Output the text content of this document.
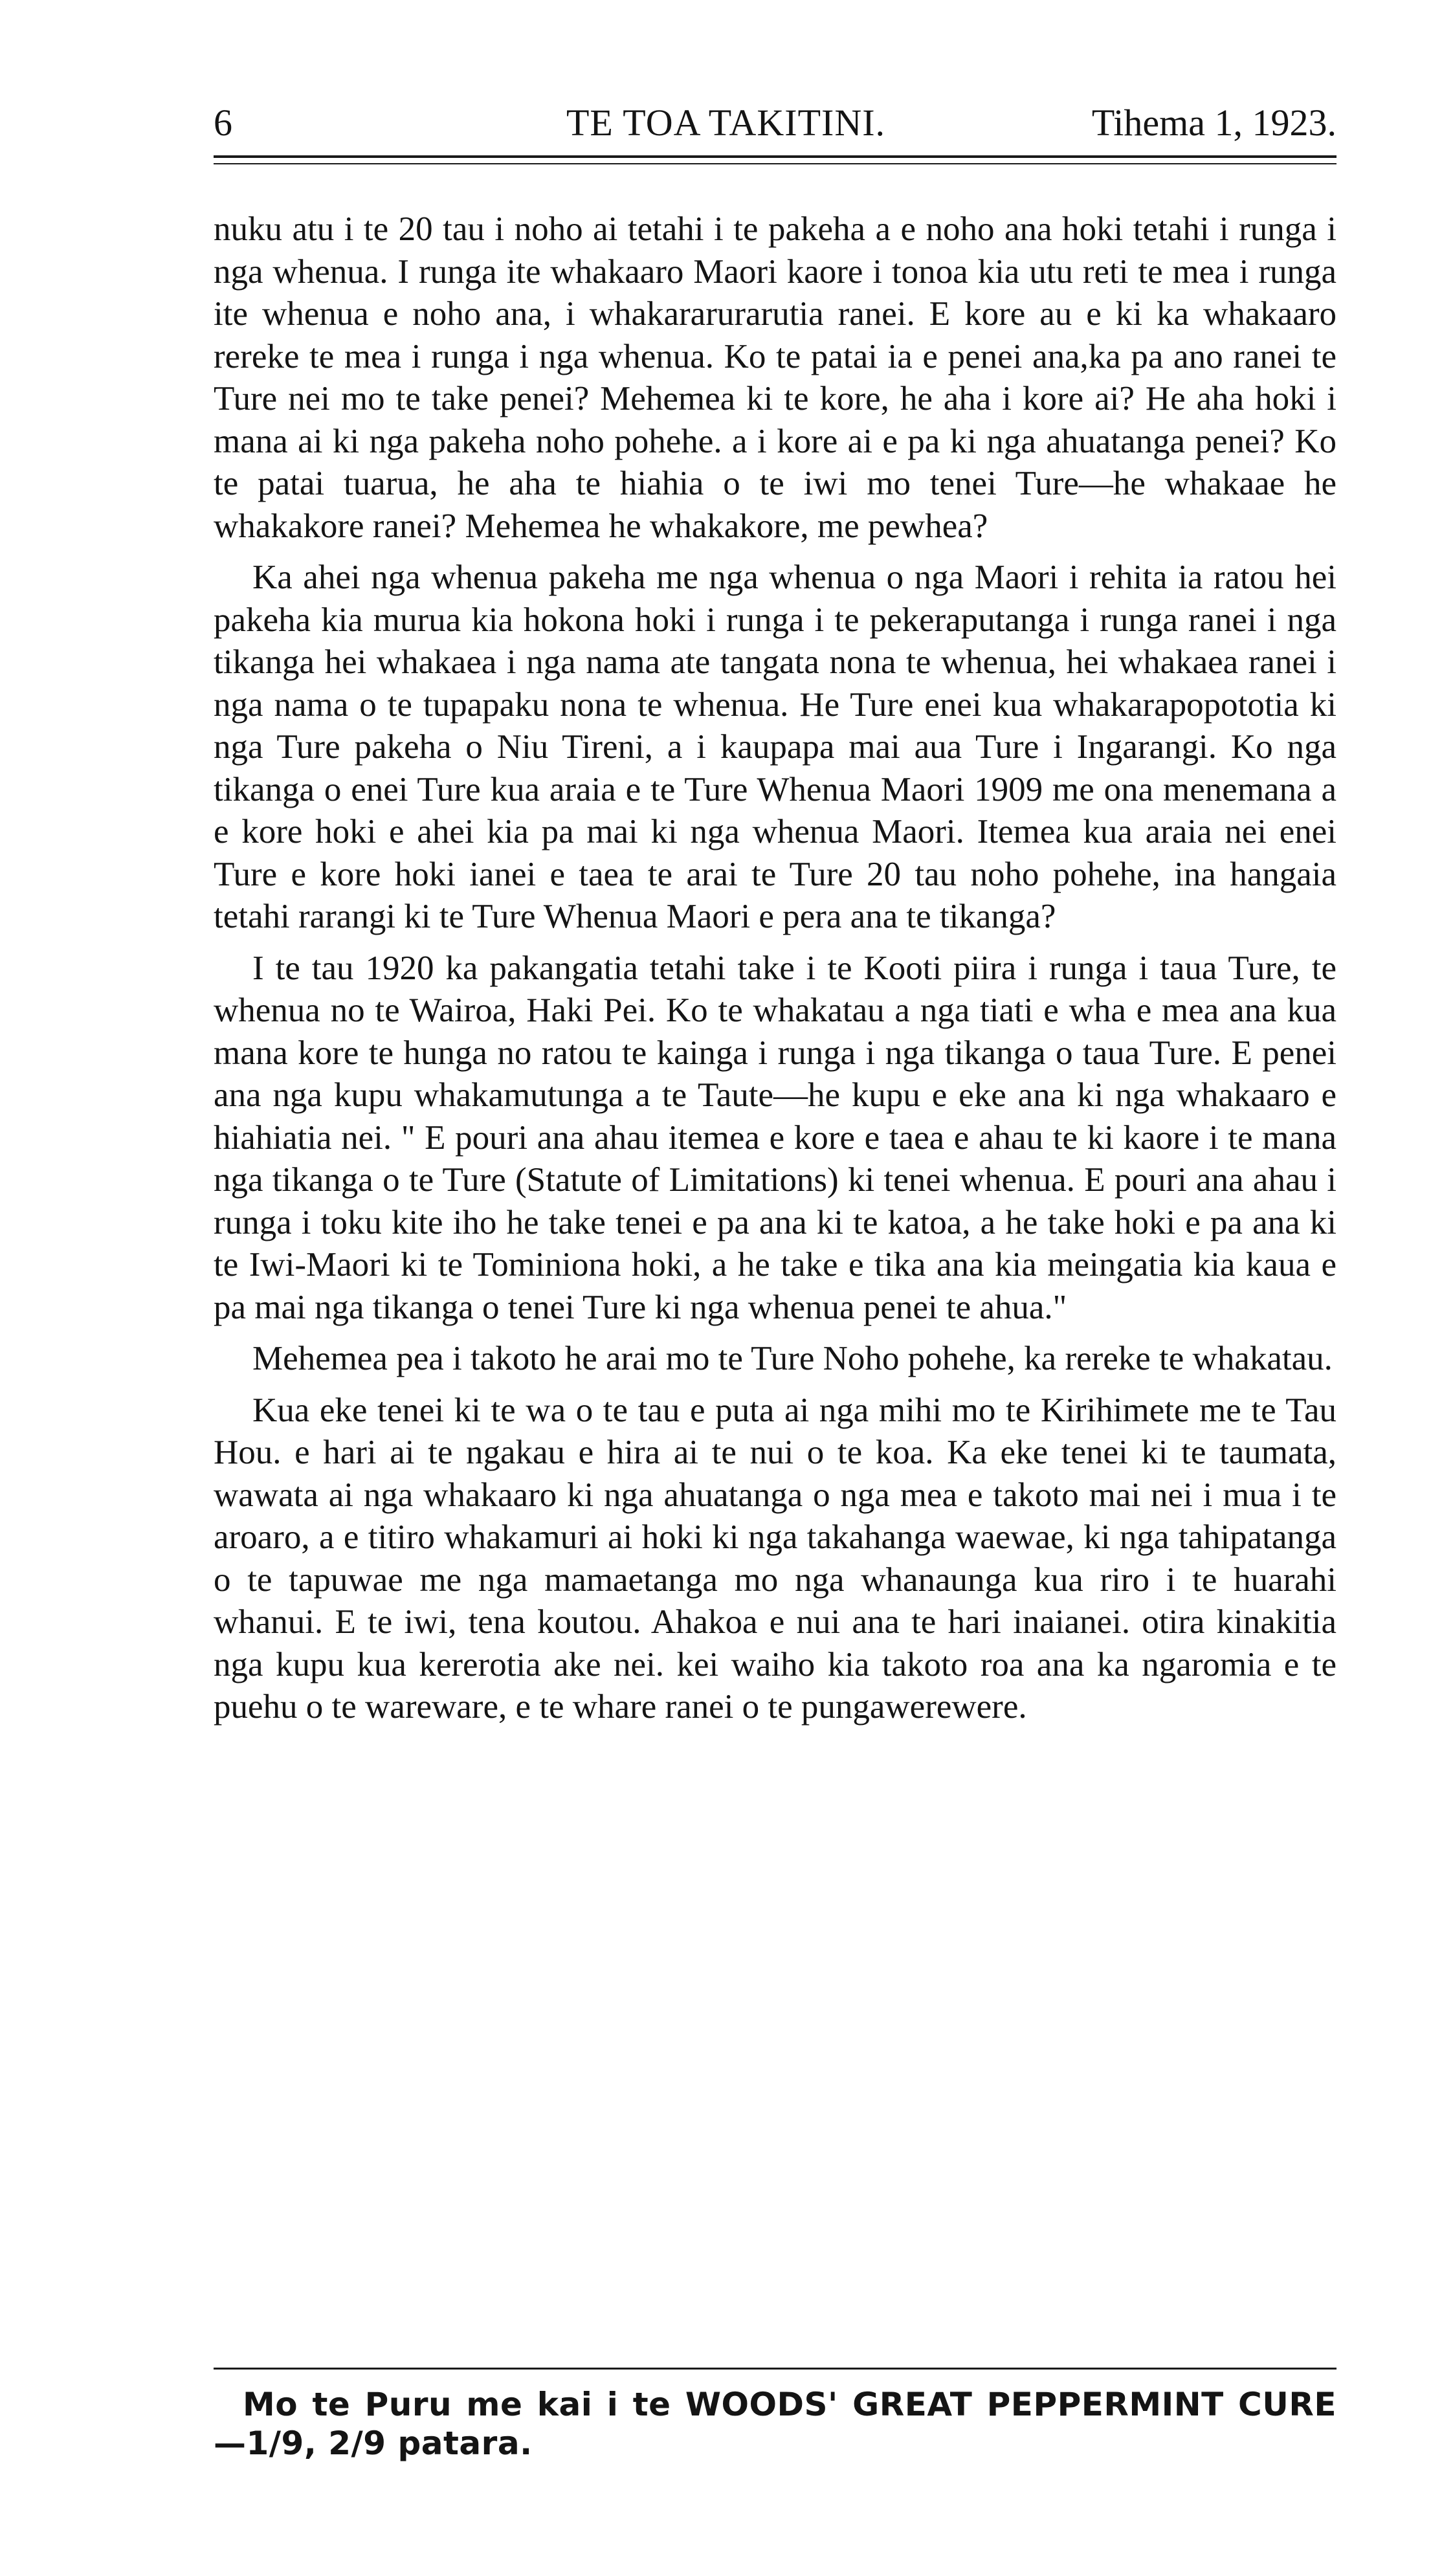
6	TE TOA TAKITINI.	Tihema 1, 1923.

nuku atu i te 20 tau i noho ai tetahi i te pakeha a e noho ana hoki tetahi i runga i nga whenua. I runga ite whakaaro Maori kaore i tonoa kia utu reti te mea i runga ite whenua e noho ana, i whakararurarutia ranei. E kore au e ki ka whakaaro rereke te mea i runga i nga whenua. Ko te patai ia e penei ana,ka pa ano ranei te Ture nei mo te take penei? Mehemea ki te kore, he aha i kore ai? He aha hoki i mana ai ki nga pakeha noho pohehe. a i kore ai e pa ki nga ahuatanga penei? Ko te patai tuarua, he aha te hiahia o te iwi mo tenei Ture—he whakaae he whakakore ranei? Mehemea he whakakore, me pewhea?

Ka ahei nga whenua pakeha me nga whenua o nga Maori i rehita ia ratou hei pakeha kia murua kia hokona hoki i runga i te pekeraputanga i runga ranei i nga tikanga hei whakaea i nga nama ate tangata nona te whenua, hei whakaea ranei i nga nama o te tupapaku nona te whenua. He Ture enei kua whakarapopototia ki nga Ture pakeha o Niu Tireni, a i kaupapa mai aua Ture i Ingarangi. Ko nga tikanga o enei Ture kua araia e te Ture Whenua Maori 1909 me ona menemana a e kore hoki e ahei kia pa mai ki nga whenua Maori. Itemea kua araia nei enei Ture e kore hoki ianei e taea te arai te Ture 20 tau noho pohehe, ina hangaia tetahi rarangi ki te Ture Whenua Maori e pera ana te tikanga?

I te tau 1920 ka pakangatia tetahi take i te Kooti piira i runga i taua Ture, te whenua no te Wairoa, Haki Pei. Ko te whakatau a nga tiati e wha e mea ana kua mana kore te hunga no ratou te kainga i runga i nga tikanga o taua Ture. E penei ana nga kupu whakamutunga a te Taute—he kupu e eke ana ki nga whakaaro e hiahiatia nei. " E pouri ana ahau itemea e kore e taea e ahau te ki kaore i te mana nga tikanga o te Ture (Statute of Limitations) ki tenei whenua. E pouri ana ahau i runga i toku kite iho he take tenei e pa ana ki te katoa, a he take hoki e pa ana ki te Iwi-Maori ki te Tominiona hoki, a he take e tika ana kia meingatia kia kaua e pa mai nga tikanga o tenei Ture ki nga whenua penei te ahua."

Mehemea pea i takoto he arai mo te Ture Noho pohehe, ka rereke te whakatau.

Kua eke tenei ki te wa o te tau e puta ai nga mihi mo te Kirihimete me te Tau Hou. e hari ai te ngakau e hira ai te nui o te koa. Ka eke tenei ki te taumata, wawata ai nga whakaaro ki nga ahuatanga o nga mea e takoto mai nei i mua i te aroaro, a e titiro whakamuri ai hoki ki nga takahanga waewae, ki nga tahipatanga o te tapuwae me nga mamaetanga mo nga whanaunga kua riro i te huarahi whanui. E te iwi, tena koutou. Ahakoa e nui ana te hari inaianei. otira kinakitia nga kupu kua kererotia ake nei. kei waiho kia takoto roa ana ka ngaromia e te puehu o te wareware, e te whare ranei o te pungawerewere.

Mo te Puru me kai i te WOODS' GREAT PEPPERMINT CURE—1/9, 2/9 patara.
